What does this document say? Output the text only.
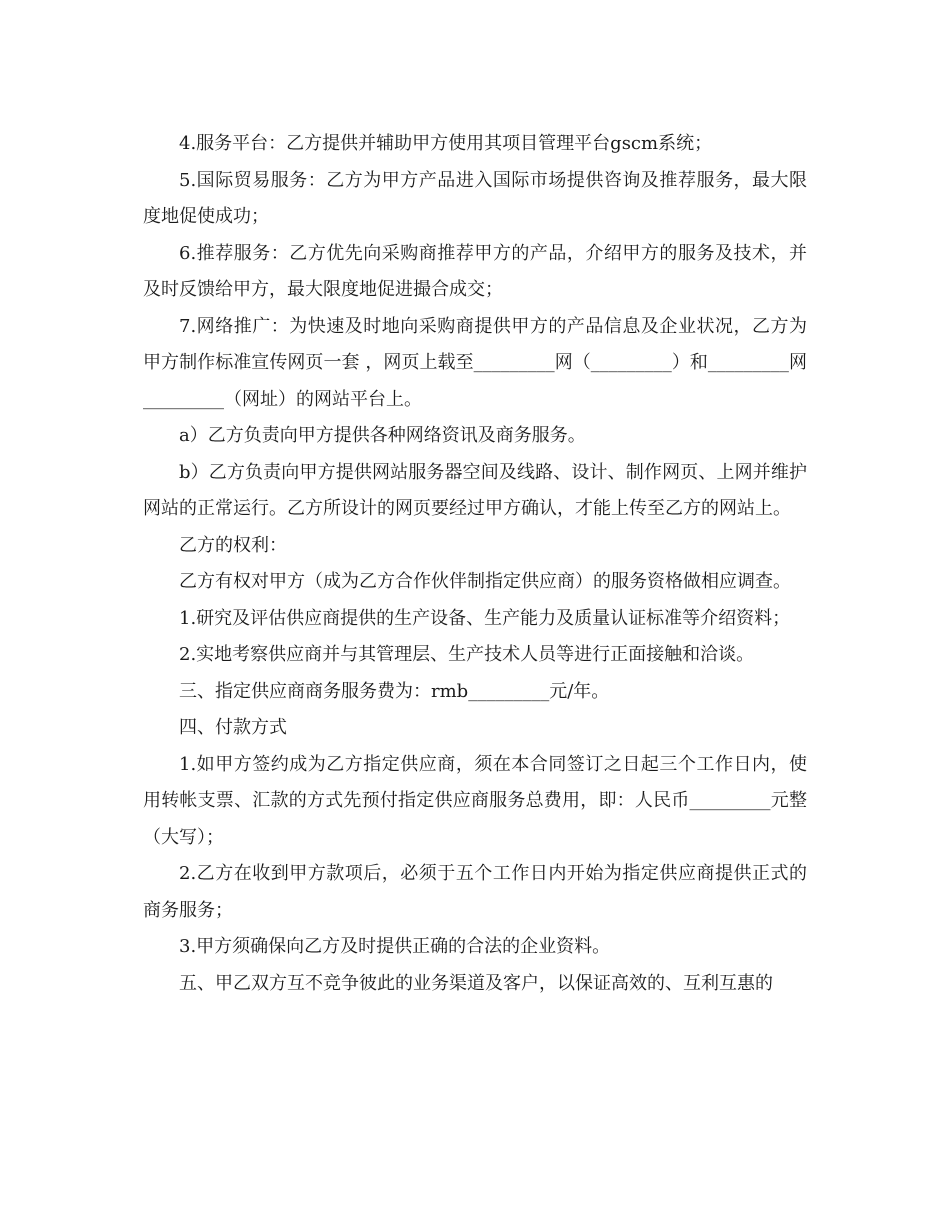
4.服务平台：乙方提供并辅助甲方使用其项目管理平台gscm系统；

5.国际贸易服务：乙方为甲方产品进入国际市场提供咨询及推荐服务，最大限度地促使成功；

6.推荐服务：乙方优先向采购商推荐甲方的产品，介绍甲方的服务及技术，并及时反馈给甲方，最大限度地促进撮合成交；

7.网络推广：为快速及时地向采购商提供甲方的产品信息及企业状况，乙方为甲方制作标准宣传网页一套 ，网页上载至_________网（_________）和_________网_________（网址）的网站平台上。

a）乙方负责向甲方提供各种网络资讯及商务服务。

b）乙方负责向甲方提供网站服务器空间及线路、设计、制作网页、上网并维护网站的正常运行。乙方所设计的网页要经过甲方确认，才能上传至乙方的网站上。

乙方的权利：

乙方有权对甲方（成为乙方合作伙伴制指定供应商）的服务资格做相应调查。

1.研究及评估供应商提供的生产设备、生产能力及质量认证标准等介绍资料；

2.实地考察供应商并与其管理层、生产技术人员等进行正面接触和洽谈。

三、指定供应商商务服务费为：rmb_________元/年。

四、付款方式

1.如甲方签约成为乙方指定供应商，须在本合同签订之日起三个工作日内，使用转帐支票、汇款的方式先预付指定供应商服务总费用，即：人民币_________元整（大写）；

2.乙方在收到甲方款项后，必须于五个工作日内开始为指定供应商提供正式的商务服务；

3.甲方须确保向乙方及时提供正确的合法的企业资料。

五、甲乙双方互不竞争彼此的业务渠道及客户，以保证高效的、互利互惠的
